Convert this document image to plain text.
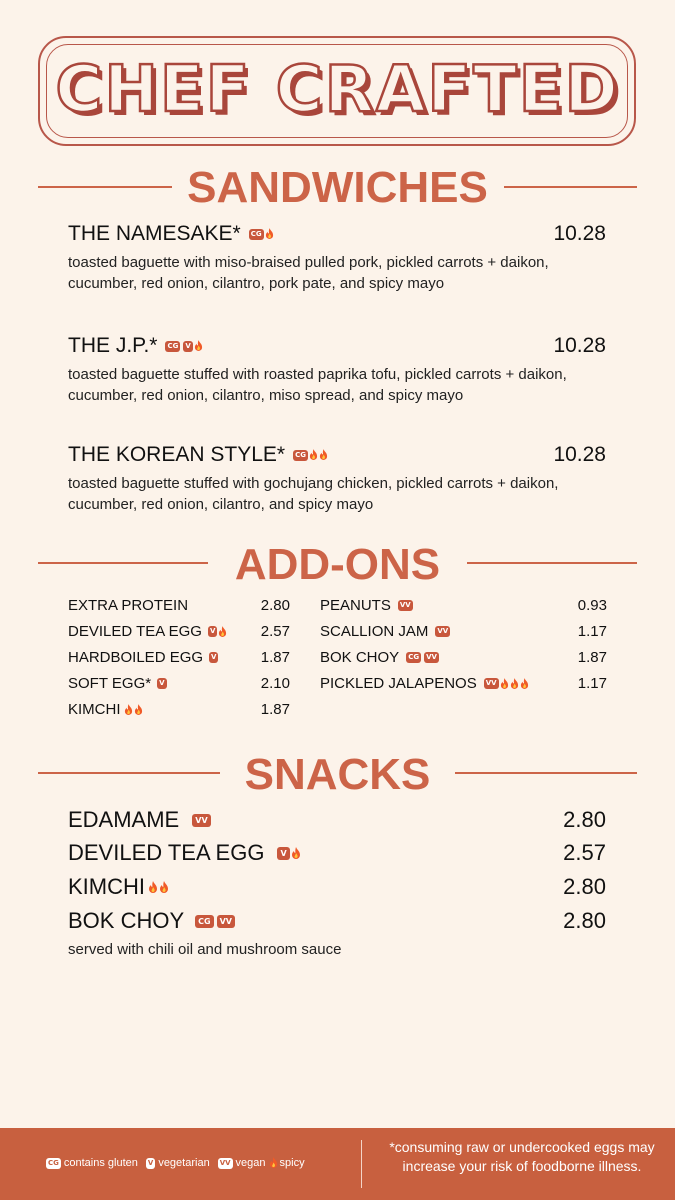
CHEF CRAFTED
SANDWICHES
THE NAMESAKE* CG	10.28
toasted baguette with miso-braised pulled pork, pickled carrots + daikon, cucumber, red onion, cilantro, pork pate, and spicy mayo
THE J.P.* CG V	10.28
toasted baguette stuffed with roasted paprika tofu, pickled carrots + daikon, cucumber, red onion, cilantro, miso spread, and spicy mayo
THE KOREAN STYLE* CG	10.28
toasted baguette stuffed with gochujang chicken, pickled carrots + daikon, cucumber, red onion, cilantro, and spicy mayo
ADD-ONS
EXTRA PROTEIN	2.80
DEVILED TEA EGG V	2.57
HARDBOILED EGG V	1.87
SOFT EGG* V	2.10
KIMCHI	1.87
PEANUTS VV	0.93
SCALLION JAM VV	1.17
BOK CHOY CG VV	1.87
PICKLED JALAPENOS VV	1.17
SNACKS
EDAMAME	VV	2.80
DEVILED TEA EGG	V	2.57
KIMCHI	2.80
BOK CHOY	CG	VV	2.80
served with chili oil and mushroom sauce
CG contains gluten V vegetarian VV vegan spicy
*consuming raw or undercooked eggs may increase your risk of foodborne illness.
